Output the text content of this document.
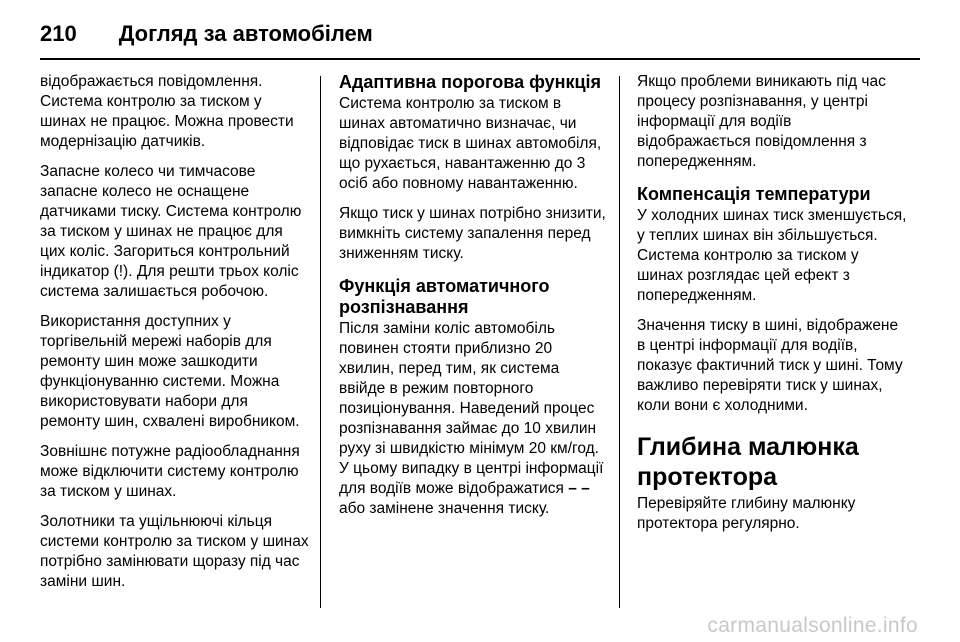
210 Догляд за автомобілем

відображається повідомлення. Система контролю за тиском у шинах не працює. Можна провести модернізацію датчиків.

Запасне колесо чи тимчасове запасне колесо не оснащене датчиками тиску. Система контролю за тиском у шинах не працює для цих коліс. Загориться контрольний індикатор (!). Для решти трьох коліс система залишається робочою.

Використання доступних у торгівельній мережі наборів для ремонту шин може зашкодити функціонуванню системи. Можна використовувати набори для ремонту шин, схвалені виробником.

Зовнішнє потужне радіообладнання може відключити систему контролю за тиском у шинах.

Золотники та ущільнюючі кільця системи контролю за тиском у шинах потрібно замінювати щоразу під час заміни шин.

Адаптивна порогова функція

Система контролю за тиском в шинах автоматично визначає, чи відповідає тиск в шинах автомобіля, що рухається, навантаженню до 3 осіб або повному навантаженню.

Якщо тиск у шинах потрібно знизити, вимкніть систему запалення перед зниженням тиску.

Функція автоматичного розпізнавання

Після заміни коліс автомобіль повинен стояти приблизно 20 хвилин, перед тим, як система ввійде в режим повторного позиціонування. Наведений процес розпізнавання займає до 10 хвилин руху зі швидкістю мінімум 20 км/год. У цьому випадку в центрі інформації для водіїв може відображатися – – або замінене значення тиску.

Якщо проблеми виникають під час процесу розпізнавання, у центрі інформації для водіїв відображається повідомлення з попередженням.

Компенсація температури

У холодних шинах тиск зменшується, у теплих шинах він збільшується. Система контролю за тиском у шинах розглядає цей ефект з попередженням.

Значення тиску в шині, відображене в центрі інформації для водіїв, показує фактичний тиск у шині. Тому важливо перевіряти тиск у шинах, коли вони є холодними.

Глибина малюнка протектора

Перевіряйте глибину малюнку протектора регулярно.

carmanualsonline.info
